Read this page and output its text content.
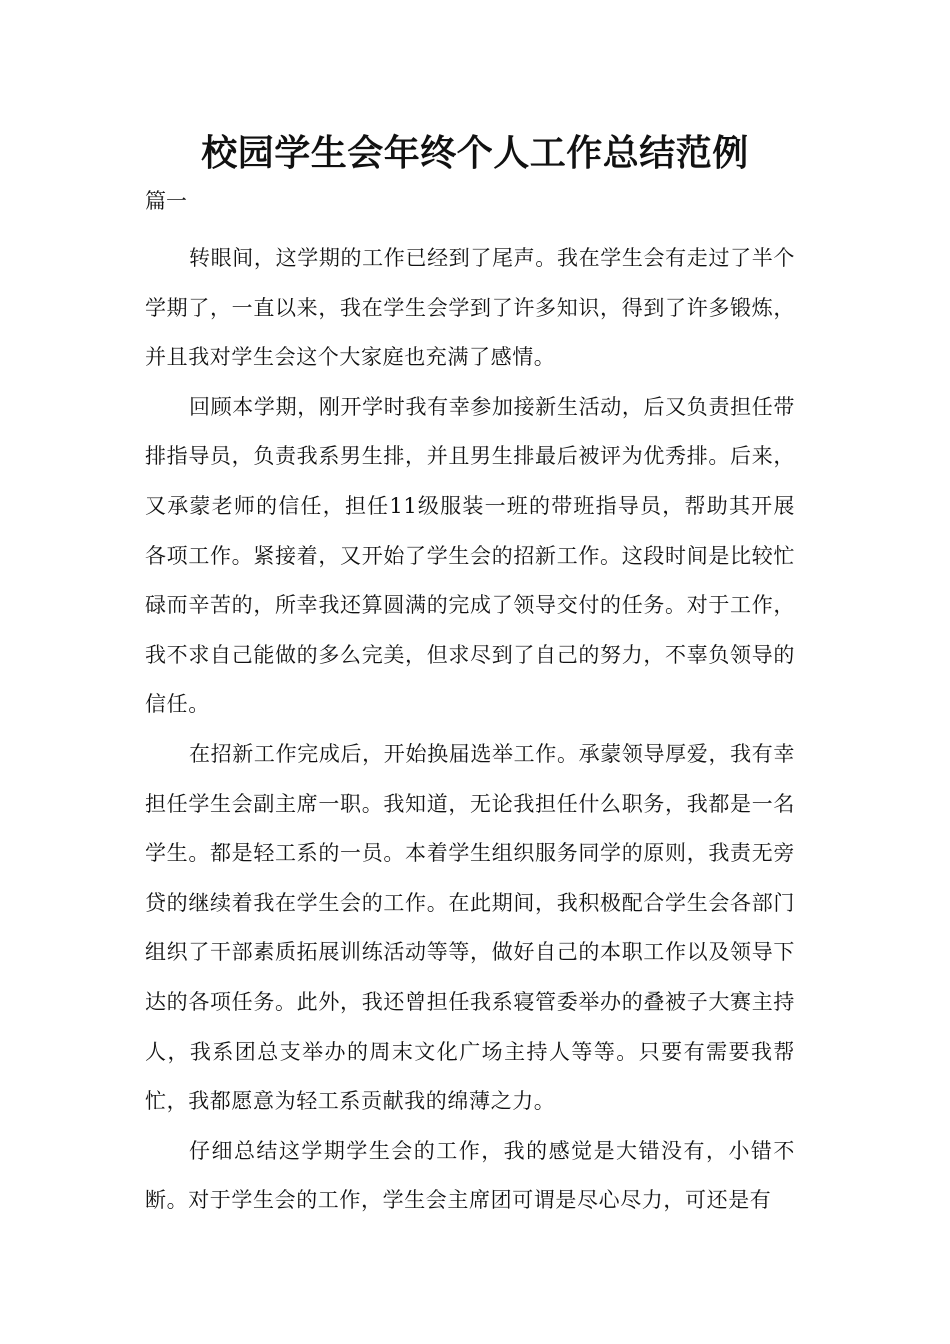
校园学生会年终个人工作总结范例

篇一

转眼间，这学期的工作已经到了尾声。我在学生会有走过了半个学期了，一直以来，我在学生会学到了许多知识，得到了许多锻炼，并且我对学生会这个大家庭也充满了感情。

回顾本学期，刚开学时我有幸参加接新生活动，后又负责担任带排指导员，负责我系男生排，并且男生排最后被评为优秀排。后来，又承蒙老师的信任，担任11级服装一班的带班指导员，帮助其开展各项工作。紧接着，又开始了学生会的招新工作。这段时间是比较忙碌而辛苦的，所幸我还算圆满的完成了领导交付的任务。对于工作，我不求自己能做的多么完美，但求尽到了自己的努力，不辜负领导的信任。

在招新工作完成后，开始换届选举工作。承蒙领导厚爱，我有幸担任学生会副主席一职。我知道，无论我担任什么职务，我都是一名学生。都是轻工系的一员。本着学生组织服务同学的原则，我责无旁贷的继续着我在学生会的工作。在此期间，我积极配合学生会各部门组织了干部素质拓展训练活动等等，做好自己的本职工作以及领导下达的各项任务。此外，我还曾担任我系寝管委举办的叠被子大赛主持人，我系团总支举办的周末文化广场主持人等等。只要有需要我帮忙，我都愿意为轻工系贡献我的绵薄之力。

仔细总结这学期学生会的工作，我的感觉是大错没有，小错不断。对于学生会的工作，学生会主席团可谓是尽心尽力，可还是有
